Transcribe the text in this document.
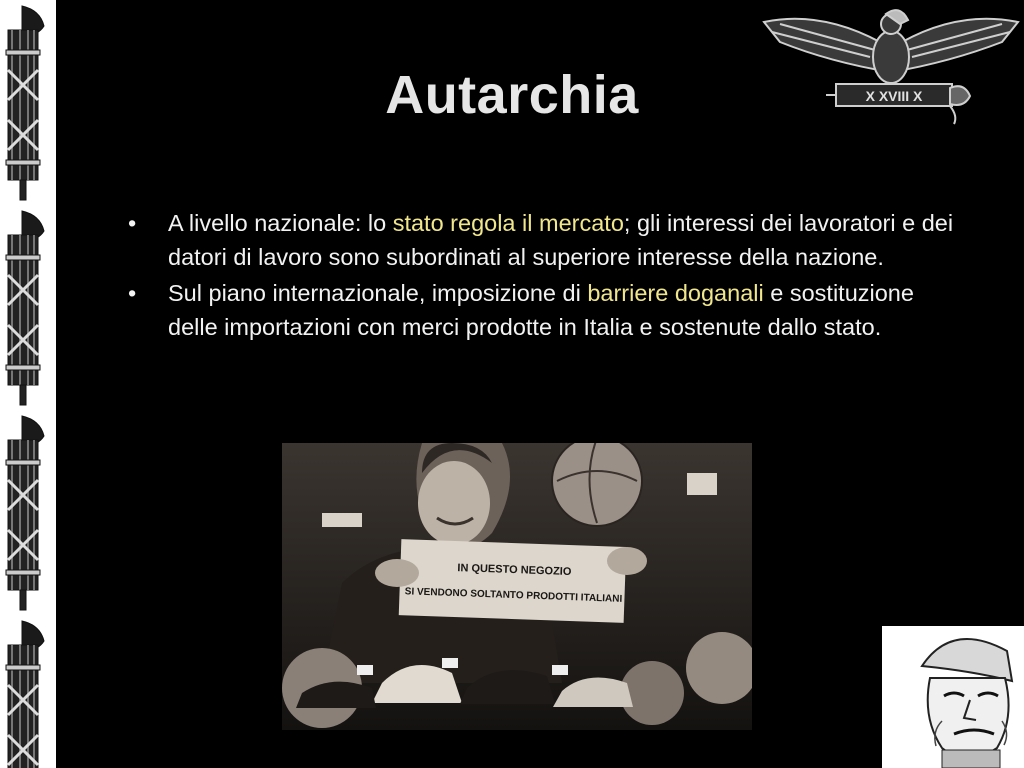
X XVIII X
Autarchia
• A livello nazionale: lo stato regola il mercato; gli interessi dei lavoratori e dei datori di lavoro sono subordinati al superiore interesse della nazione.
• Sul piano internazionale, imposizione di barriere doganali e sostituzione delle importazioni con merci prodotte in Italia e sostenute dallo stato.
IN QUESTO NEGOZIO
SI VENDONO SOLTANTO PRODOTTI ITALIANI
